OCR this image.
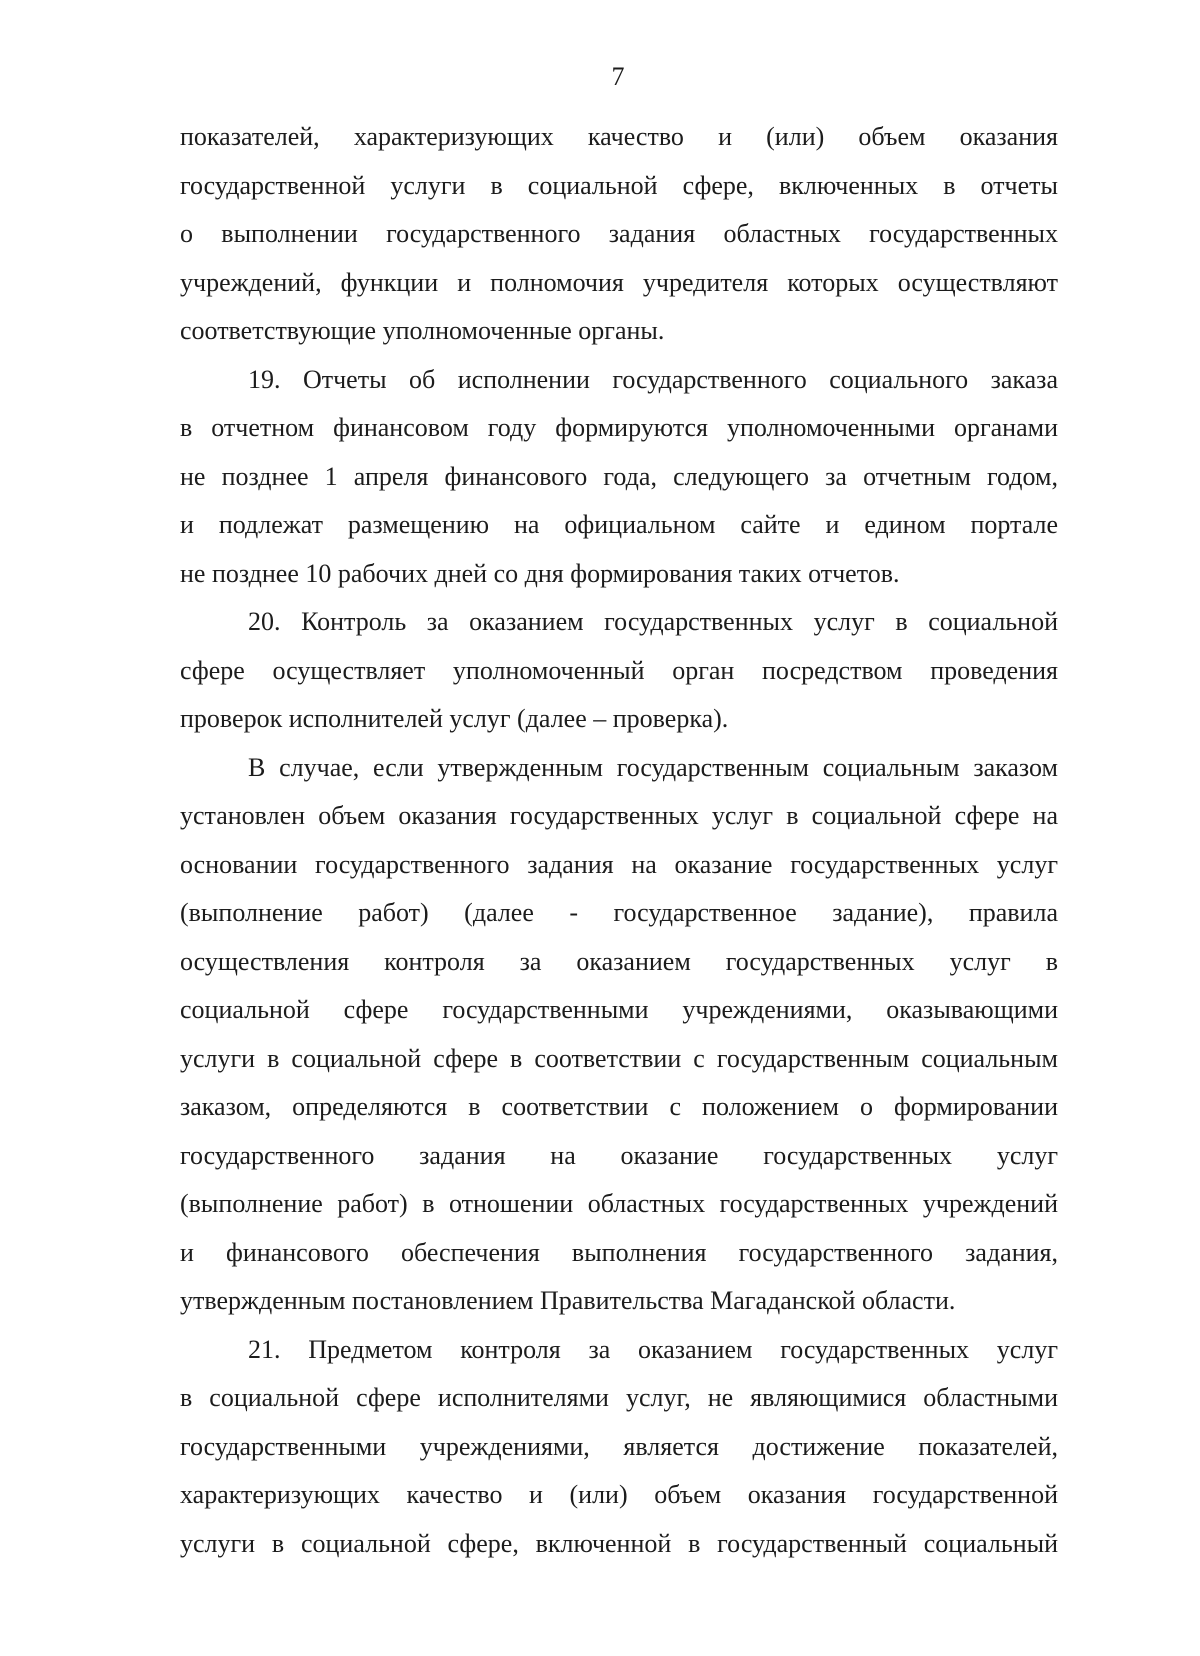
7
показателей, характеризующих качество и (или) объем оказания
государственной услуги в социальной сфере, включенных в отчеты
о выполнении государственного задания областных государственных
учреждений, функции и полномочия учредителя которых осуществляют
соответствующие уполномоченные органы.
19. Отчеты об исполнении государственного социального заказа
в отчетном финансовом году формируются уполномоченными органами
не позднее 1 апреля финансового года, следующего за отчетным годом,
и подлежат размещению на официальном сайте и едином портале
не позднее 10 рабочих дней со дня формирования таких отчетов.
20. Контроль за оказанием государственных услуг в социальной
сфере осуществляет уполномоченный орган посредством проведения
проверок исполнителей услуг (далее – проверка).
В случае, если утвержденным государственным социальным заказом
установлен объем оказания государственных услуг в социальной сфере на
основании государственного задания на оказание государственных услуг
(выполнение работ) (далее - государственное задание), правила
осуществления контроля за оказанием государственных услуг в
социальной сфере государственными учреждениями, оказывающими
услуги в социальной сфере в соответствии с государственным социальным
заказом, определяются в соответствии с положением о формировании
государственного задания на оказание государственных услуг
(выполнение работ) в отношении областных государственных учреждений
и финансового обеспечения выполнения государственного задания,
утвержденным постановлением Правительства Магаданской области.
21. Предметом контроля за оказанием государственных услуг
в социальной сфере исполнителями услуг, не являющимися областными
государственными учреждениями, является достижение показателей,
характеризующих качество и (или) объем оказания государственной
услуги в социальной сфере, включенной в государственный социальный
